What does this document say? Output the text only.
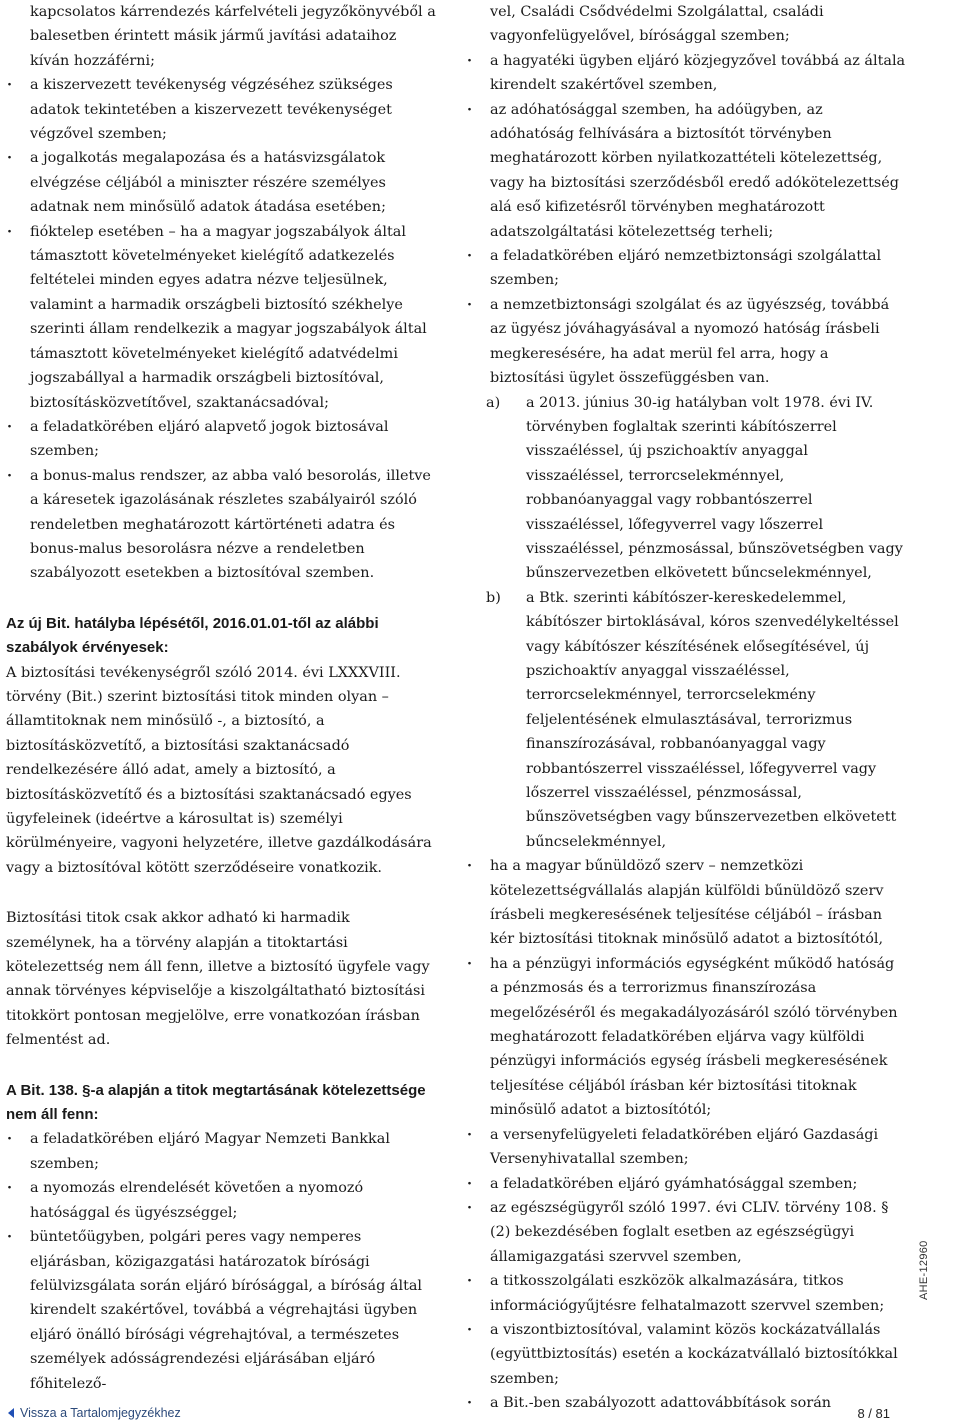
kapcsolatos kárrendezés kárfelvételi jegyzőkönyvéből a balesetben érintett másik jármű javítási adataihoz kíván hozzáférni;

· a kiszervezett tevékenység végzéséhez szükséges adatok tekintetében a kiszervezett tevékenységet végzővel szemben;

· a jogalkotás megalapozása és a hatásvizsgálatok elvégzése céljából a miniszter részére személyes adatnak nem minősülő adatok átadása esetében;

· fióktelep esetében – ha a magyar jogszabályok által támasztott követelményeket kielégítő adatkezelés feltételei minden egyes adatra nézve teljesülnek, valamint a harmadik országbeli biztosító székhelye szerinti állam rendelkezik a magyar jogszabályok által támasztott követelményeket kielégítő adatvédelmi jogszabállyal a harmadik országbeli biztosítóval, biztosításközvetítővel, szaktanácsadóval;

· a feladatkörében eljáró alapvető jogok biztosával szemben;

· a bonus-malus rendszer, az abba való besorolás, illetve a káresetek igazolásának részletes szabályairól szóló rendeletben meghatározott kártörténeti adatra és bonus-malus besorolásra nézve a rendeletben szabályozott esetekben a biztosítóval szemben.

Az új Bit. hatályba lépésétől, 2016.01.01-től az alábbi szabályok érvényesek:

A biztosítási tevékenységről szóló 2014. évi LXXXVIII. törvény (Bit.) szerint biztosítási titok minden olyan – államtitoknak nem minősülő -, a biztosító, a biztosításközvetítő, a biztosítási szaktanácsadó rendelkezésére álló adat, amely a biztosító, a biztosításközvetítő és a biztosítási szaktanácsadó egyes ügyfeleinek (ideértve a károsultat is) személyi körülményeire, vagyoni helyzetére, illetve gazdálkodására vagy a biztosítóval kötött szerződéseire vonatkozik.

Biztosítási titok csak akkor adható ki harmadik személynek, ha a törvény alapján a titoktartási kötelezettség nem áll fenn, illetve a biztosító ügyfele vagy annak törvényes képviselője a kiszolgáltatható biztosítási titokkört pontosan megjelölve, erre vonatkozóan írásban felmentést ad.

A Bit. 138. §-a alapján a titok megtartásának kötelezettsége nem áll fenn:

· a feladatkörében eljáró Magyar Nemzeti Bankkal szemben;

· a nyomozás elrendelését követően a nyomozó hatósággal és ügyészséggel;

· büntetőügyben, polgári peres vagy nemperes eljárásban, közigazgatási határozatok bírósági felülvizsgálata során eljáró bírósággal, a bíróság által kirendelt szakértővel, továbbá a végrehajtási ügyben eljáró önálló bírósági végrehajtóval, a természetes személyek adósságrendezési eljárásában eljáró főhitelező-

vel, Családi Csődvédelmi Szolgálattal, családi vagyonfelügyelővel, bírósággal szemben;

· a hagyatéki ügyben eljáró közjegyzővel továbbá az általa kirendelt szakértővel szemben,

· az adóhatósággal szemben, ha adóügyben, az adóhatóság felhívására a biztosítót törvényben meghatározott körben nyilatkozattételi kötelezettség, vagy ha biztosítási szerződésből eredő adókötelezettség alá eső kifizetésről törvényben meghatározott adatszolgáltatási kötelezettség terheli;

· a feladatkörében eljáró nemzetbiztonsági szolgálattal szemben;

· a nemzetbiztonsági szolgálat és az ügyészség, továbbá az ügyész jóváhagyásával a nyomozó hatóság írásbeli megkeresésére, ha adat merül fel arra, hogy a biztosítási ügylet összefüggésben van.

a) a 2013. június 30-ig hatályban volt 1978. évi IV. törvényben foglaltak szerinti kábítószerrel visszaéléssel, új pszichoaktív anyaggal visszaéléssel, terrorcselekménnyel, robbanóanyaggal vagy robbantószerrel visszaéléssel, lőfegyverrel vagy lőszerrel visszaéléssel, pénzmosással, bűnszövetségben vagy bűnszervezetben elkövetett bűncselekménnyel,
b) a Btk. szerinti kábítószer-kereskedelemmel, kábítószer birtoklásával, kóros szenvedélykeltéssel vagy kábítószer készítésének elősegítésével, új pszichoaktív anyaggal visszaéléssel, terrorcselekménnyel, terrorcselekmény feljelentésének elmulasztásával, terrorizmus finanszírozásával, robbanóanyaggal vagy robbantószerrel visszaéléssel, lőfegyverrel vagy lőszerrel visszaéléssel, pénzmosással, bűnszövetségben vagy bűnszervezetben elkövetett bűncselekménnyel,

· ha a magyar bűnüldöző szerv – nemzetközi kötelezettségvállalás alapján külföldi bűnüldöző szerv írásbeli megkeresésének teljesítése céljából – írásban kér biztosítási titoknak minősülő adatot a biztosítótól,

· ha a pénzügyi információs egységként működő hatóság a pénzmosás és a terrorizmus finanszírozása megelőzéséről és megakadályozásáról szóló törvényben meghatározott feladatkörében eljárva vagy külföldi pénzügyi információs egység írásbeli megkeresésének teljesítése céljából írásban kér biztosítási titoknak minősülő adatot a biztosítótól;

· a versenyfelügyeleti feladatkörében eljáró Gazdasági Versenyhivatallal szemben;

· a feladatkörében eljáró gyámhatósággal szemben;

· az egészségügyről szóló 1997. évi CLIV. törvény 108. § (2) bekezdésében foglalt esetben az egészségügyi államigazgatási szervvel szemben,

· a titkosszolgálati eszközök alkalmazására, titkos információgyűjtésre felhatalmazott szervvel szemben;

· a viszontbiztosítóval, valamint közös kockázatvállalás (együttbiztosítás) esetén a kockázatvállaló biztosítókkal szemben;

· a Bit.-ben szabályozott adattovábbítások során

AHE-12960
Vissza a Tartalomjegyzékhez	8 / 81
